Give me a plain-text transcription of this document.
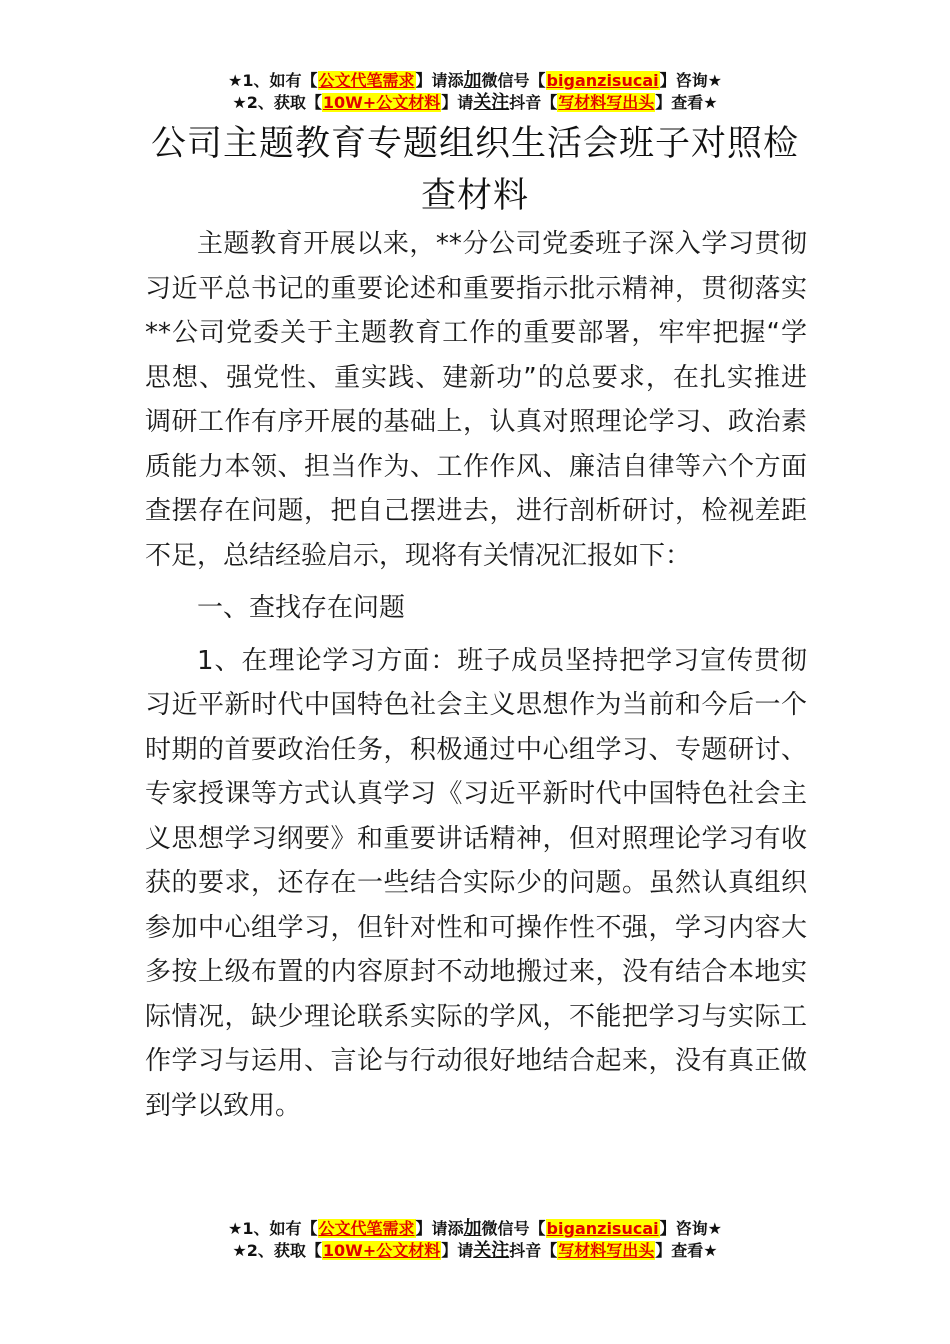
★1、如有【公文代笔需求】请添加微信号【biganzisucai】咨询★
★2、获取【10W+公文材料】请关注抖音【写材料写出头】查看★
公司主题教育专题组织生活会班子对照检查材料

主题教育开展以来，**分公司党委班子深入学习贯彻习近平总书记的重要论述和重要指示批示精神，贯彻落实**公司党委关于主题教育工作的重要部署，牢牢把握“学思想、强党性、重实践、建新功”的总要求，在扎实推进调研工作有序开展的基础上，认真对照理论学习、政治素质能力本领、担当作为、工作作风、廉洁自律等六个方面查摆存在问题，把自己摆进去，进行剖析研讨，检视差距不足，总结经验启示，现将有关情况汇报如下：

一、查找存在问题

1、在理论学习方面：班子成员坚持把学习宣传贯彻习近平新时代中国特色社会主义思想作为当前和今后一个时期的首要政治任务，积极通过中心组学习、专题研讨、专家授课等方式认真学习《习近平新时代中国特色社会主义思想学习纲要》和重要讲话精神，但对照理论学习有收获的要求，还存在一些结合实际少的问题。虽然认真组织参加中心组学习，但针对性和可操作性不强，学习内容大多按上级布置的内容原封不动地搬过来，没有结合本地实际情况，缺少理论联系实际的学风，不能把学习与实际工作学习与运用、言论与行动很好地结合起来，没有真正做到学以致用。

★1、如有【公文代笔需求】请添加微信号【biganzisucai】咨询★
★2、获取【10W+公文材料】请关注抖音【写材料写出头】查看★
